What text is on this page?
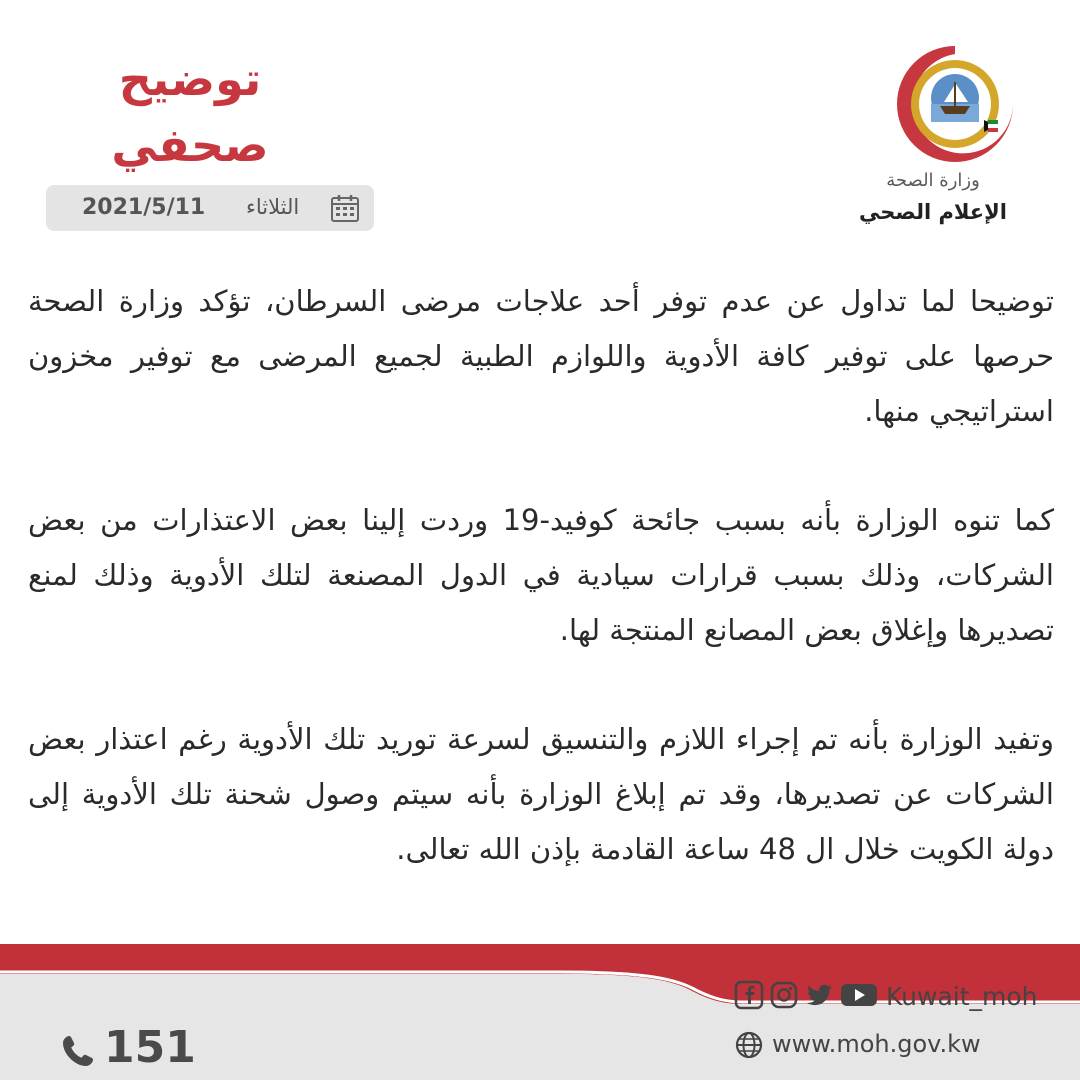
وزارة الصحة
الإعلام الصحي
توضيح
صحفي
2021/5/11 الثلاثاء

توضيحا لما تداول عن عدم توفر أحد علاجات مرضى السرطان، تؤكد وزارة الصحة حرصها على توفير كافة الأدوية واللوازم الطبية لجميع المرضى مع توفير مخزون استراتيجي منها.

كما تنوه الوزارة بأنه بسبب جائحة كوفيد-19 وردت إلينا بعض الاعتذارات من بعض الشركات، وذلك بسبب قرارات سيادية في الدول المصنعة لتلك الأدوية وذلك لمنع تصديرها وإغلاق بعض المصانع المنتجة لها.

وتفيد الوزارة بأنه تم إجراء اللازم والتنسيق لسرعة توريد تلك الأدوية رغم اعتذار بعض الشركات عن تصديرها، وقد تم إبلاغ الوزارة بأنه سيتم وصول شحنة تلك الأدوية إلى دولة الكويت خلال ال 48 ساعة القادمة بإذن الله تعالى.

Kuwait_moh
www.moh.gov.kw
151
